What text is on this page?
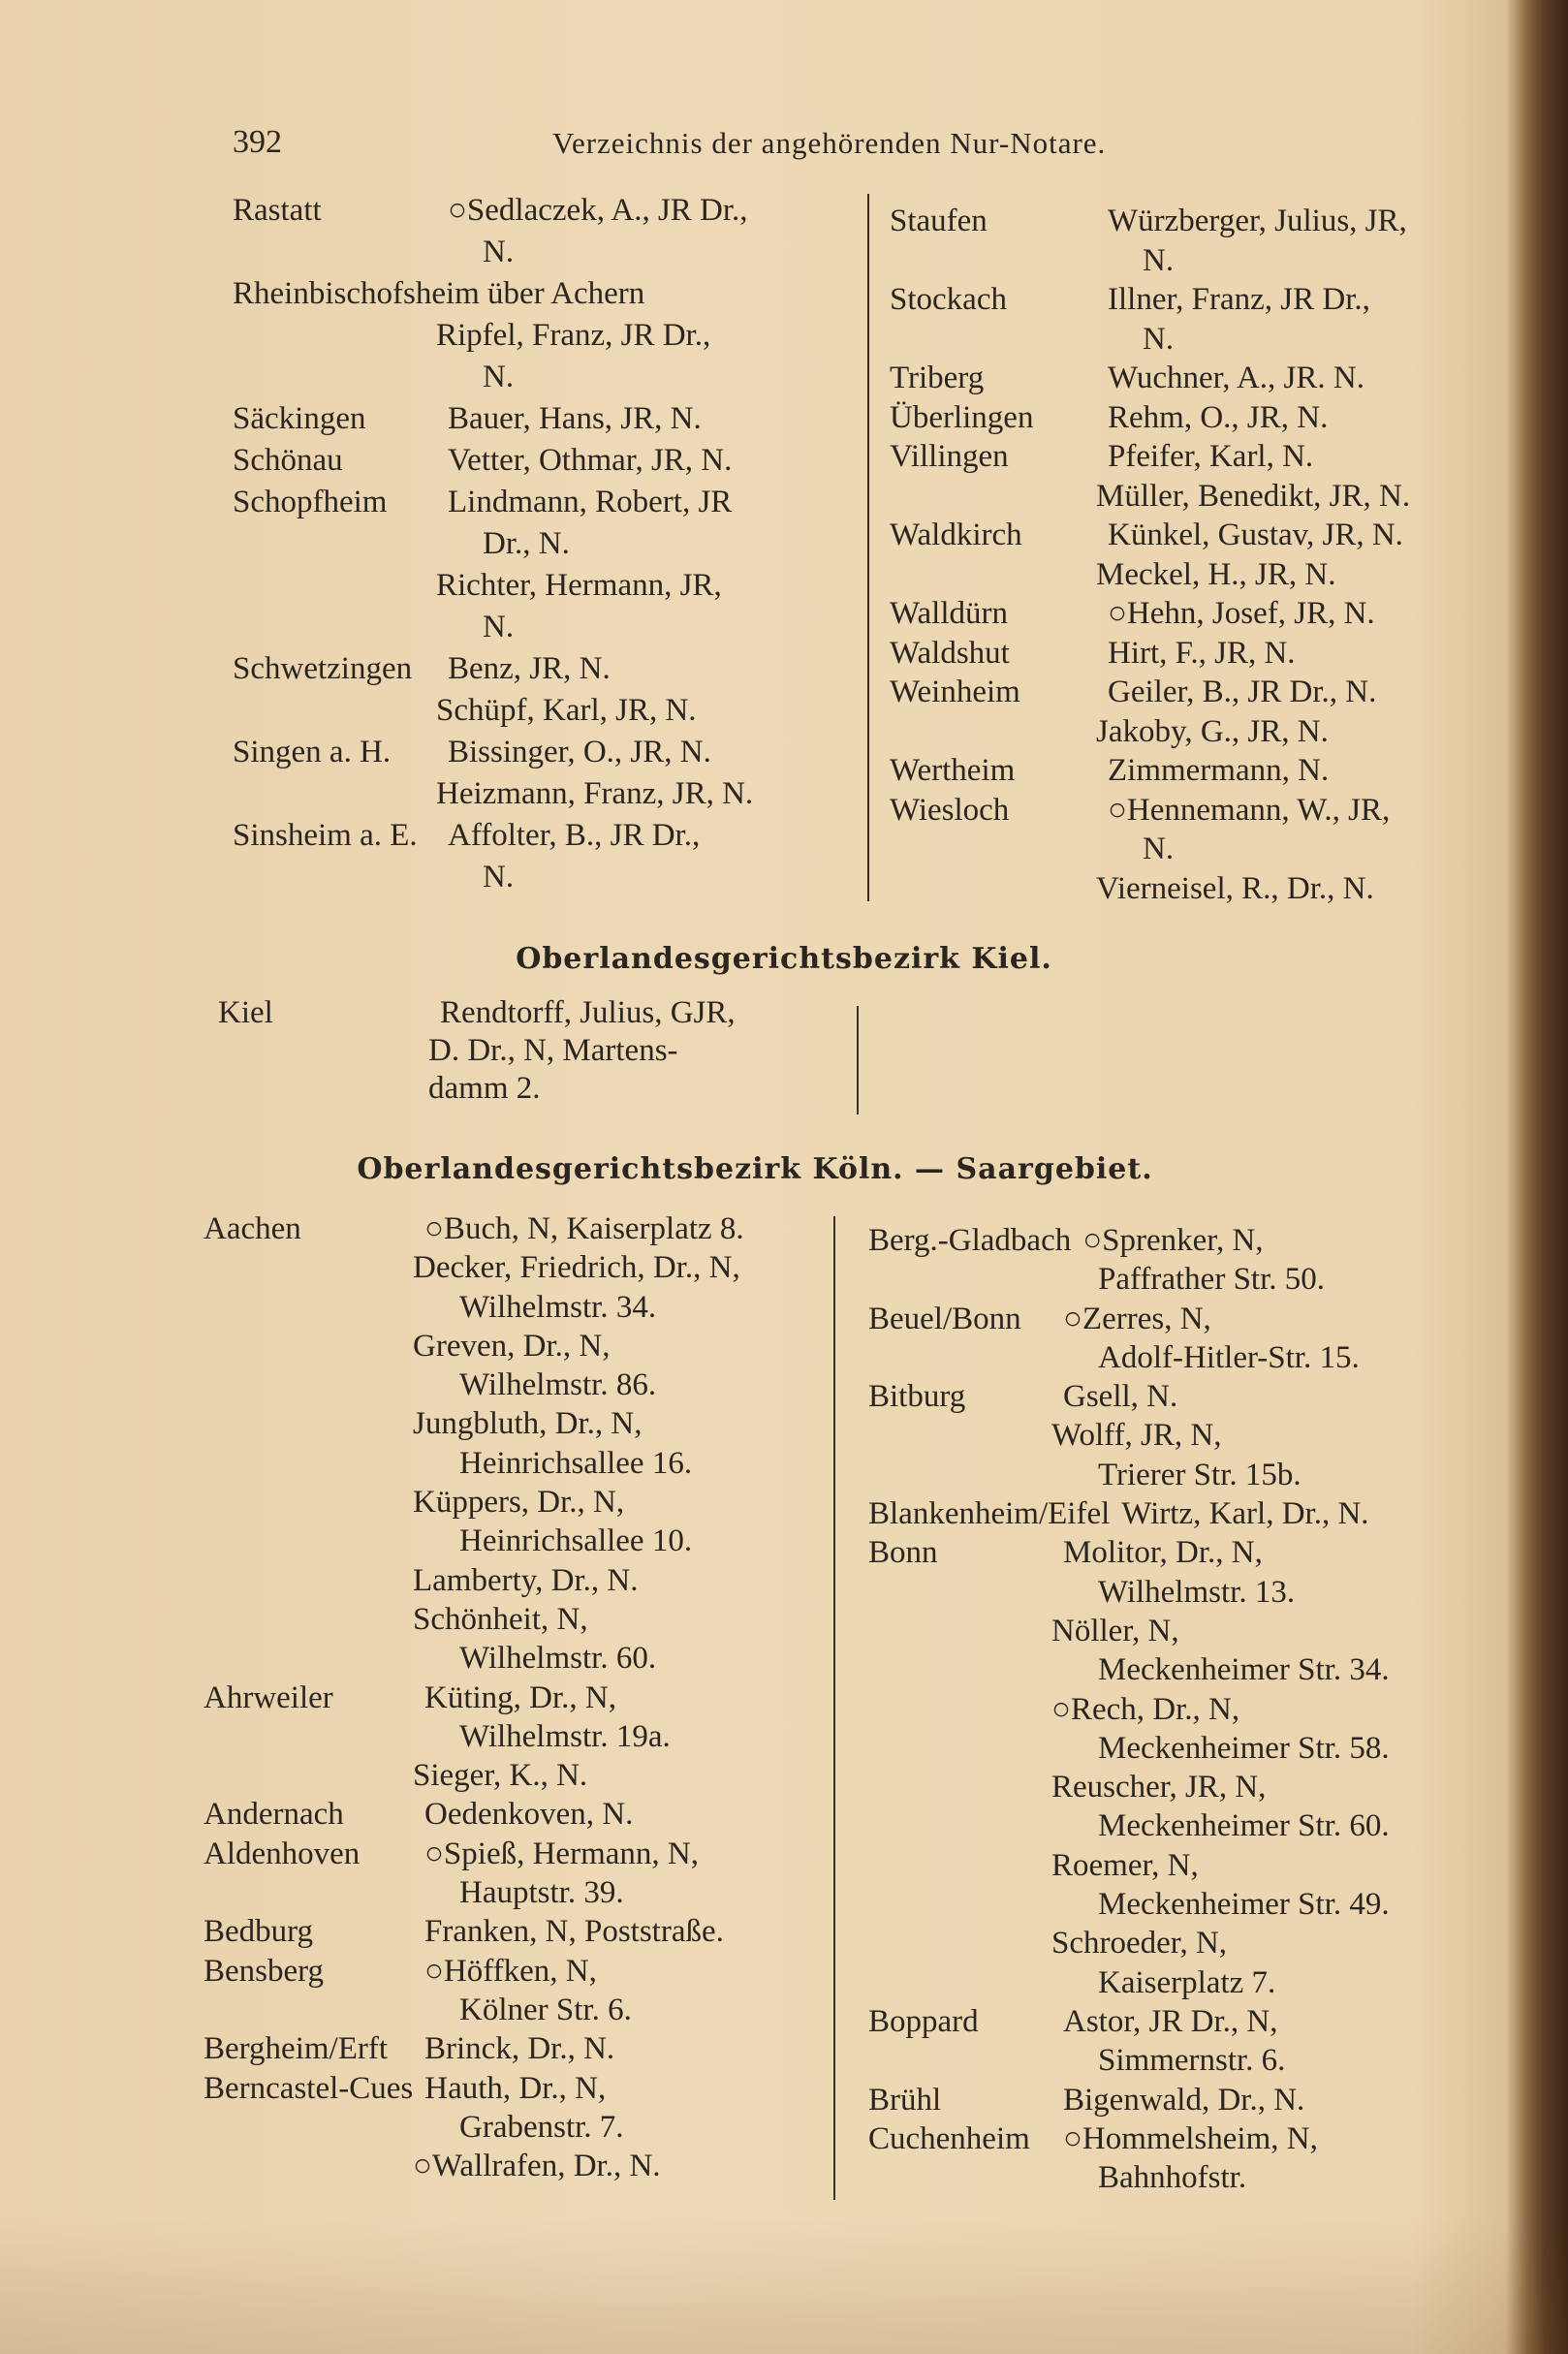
392	Verzeichnis der angehörenden Nur-Notare.
Rastatt	○Sedlaczek, A., JR Dr.,
N.
Rheinbischofsheim über Achern
Ripfel, Franz, JR Dr.,
N.
Säckingen	Bauer, Hans, JR, N.
Schönau	Vetter, Othmar, JR, N.
Schopfheim	Lindmann, Robert, JR
Dr., N.
Richter, Hermann, JR,
N.
Schwetzingen	Benz, JR, N.
Schüpf, Karl, JR, N.
Singen a. H.	Bissinger, O., JR, N.
Heizmann, Franz, JR, N.
Sinsheim a. E. Affolter, B., JR Dr.,
N.
Staufen	Würzberger, Julius, JR,
N.
Stockach	Illner, Franz, JR Dr.,
N.
Triberg	Wuchner, A., JR. N.
Überlingen	Rehm, O., JR, N.
Villingen	Pfeifer, Karl, N.
Müller, Benedikt, JR, N.
Waldkirch	Künkel, Gustav, JR, N.
Meckel, H., JR, N.
Walldürn	○Hehn, Josef, JR, N.
Waldshut	Hirt, F., JR, N.
Weinheim	Geiler, B., JR Dr., N.
Jakoby, G., JR, N.
Wertheim	Zimmermann, N.
Wiesloch	○Hennemann, W., JR,
N.
Vierneisel, R., Dr., N.
Oberlandesgerichtsbezirk Kiel.
Kiel	Rendtorff, Julius, GJR,
D. Dr., N, Martens-
damm 2.
Oberlandesgerichtsbezirk Köln. — Saargebiet.
Aachen	○Buch, N, Kaiserplatz 8.
Decker, Friedrich, Dr., N,
Wilhelmstr. 34.
Greven, Dr., N,
Wilhelmstr. 86.
Jungbluth, Dr., N,
Heinrichsallee 16.
Küppers, Dr., N,
Heinrichsallee 10.
Lamberty, Dr., N.
Schönheit, N,
Wilhelmstr. 60.
Ahrweiler	Küting, Dr., N,
Wilhelmstr. 19a.
Sieger, K., N.
Andernach	Oedenkoven, N.
Aldenhoven	○Spieß, Hermann, N,
Hauptstr. 39.
Bedburg	Franken, N, Poststraße.
Bensberg	○Höffken, N,
Kölner Str. 6.
Bergheim/Erft	Brinck, Dr., N.
Berncastel-Cues Hauth, Dr., N,
Grabenstr. 7.
○Wallrafen, Dr., N.
Berg.-Gladbach ○Sprenker, N,
Paffrather Str. 50.
Beuel/Bonn	○Zerres, N,
Adolf-Hitler-Str. 15.
Bitburg	Gsell, N.
Wolff, JR, N,
Trierer Str. 15b.
Blankenheim/Eifel Wirtz, Karl, Dr., N.
Bonn	Molitor, Dr., N,
Wilhelmstr. 13.
Nöller, N,
Meckenheimer Str. 34.
○Rech, Dr., N,
Meckenheimer Str. 58.
Reuscher, JR, N,
Meckenheimer Str. 60.
Roemer, N,
Meckenheimer Str. 49.
Schroeder, N,
Kaiserplatz 7.
Boppard	Astor, JR Dr., N,
Simmernstr. 6.
Brühl	Bigenwald, Dr., N.
Cuchenheim	○Hommelsheim, N,
Bahnhofstr.
